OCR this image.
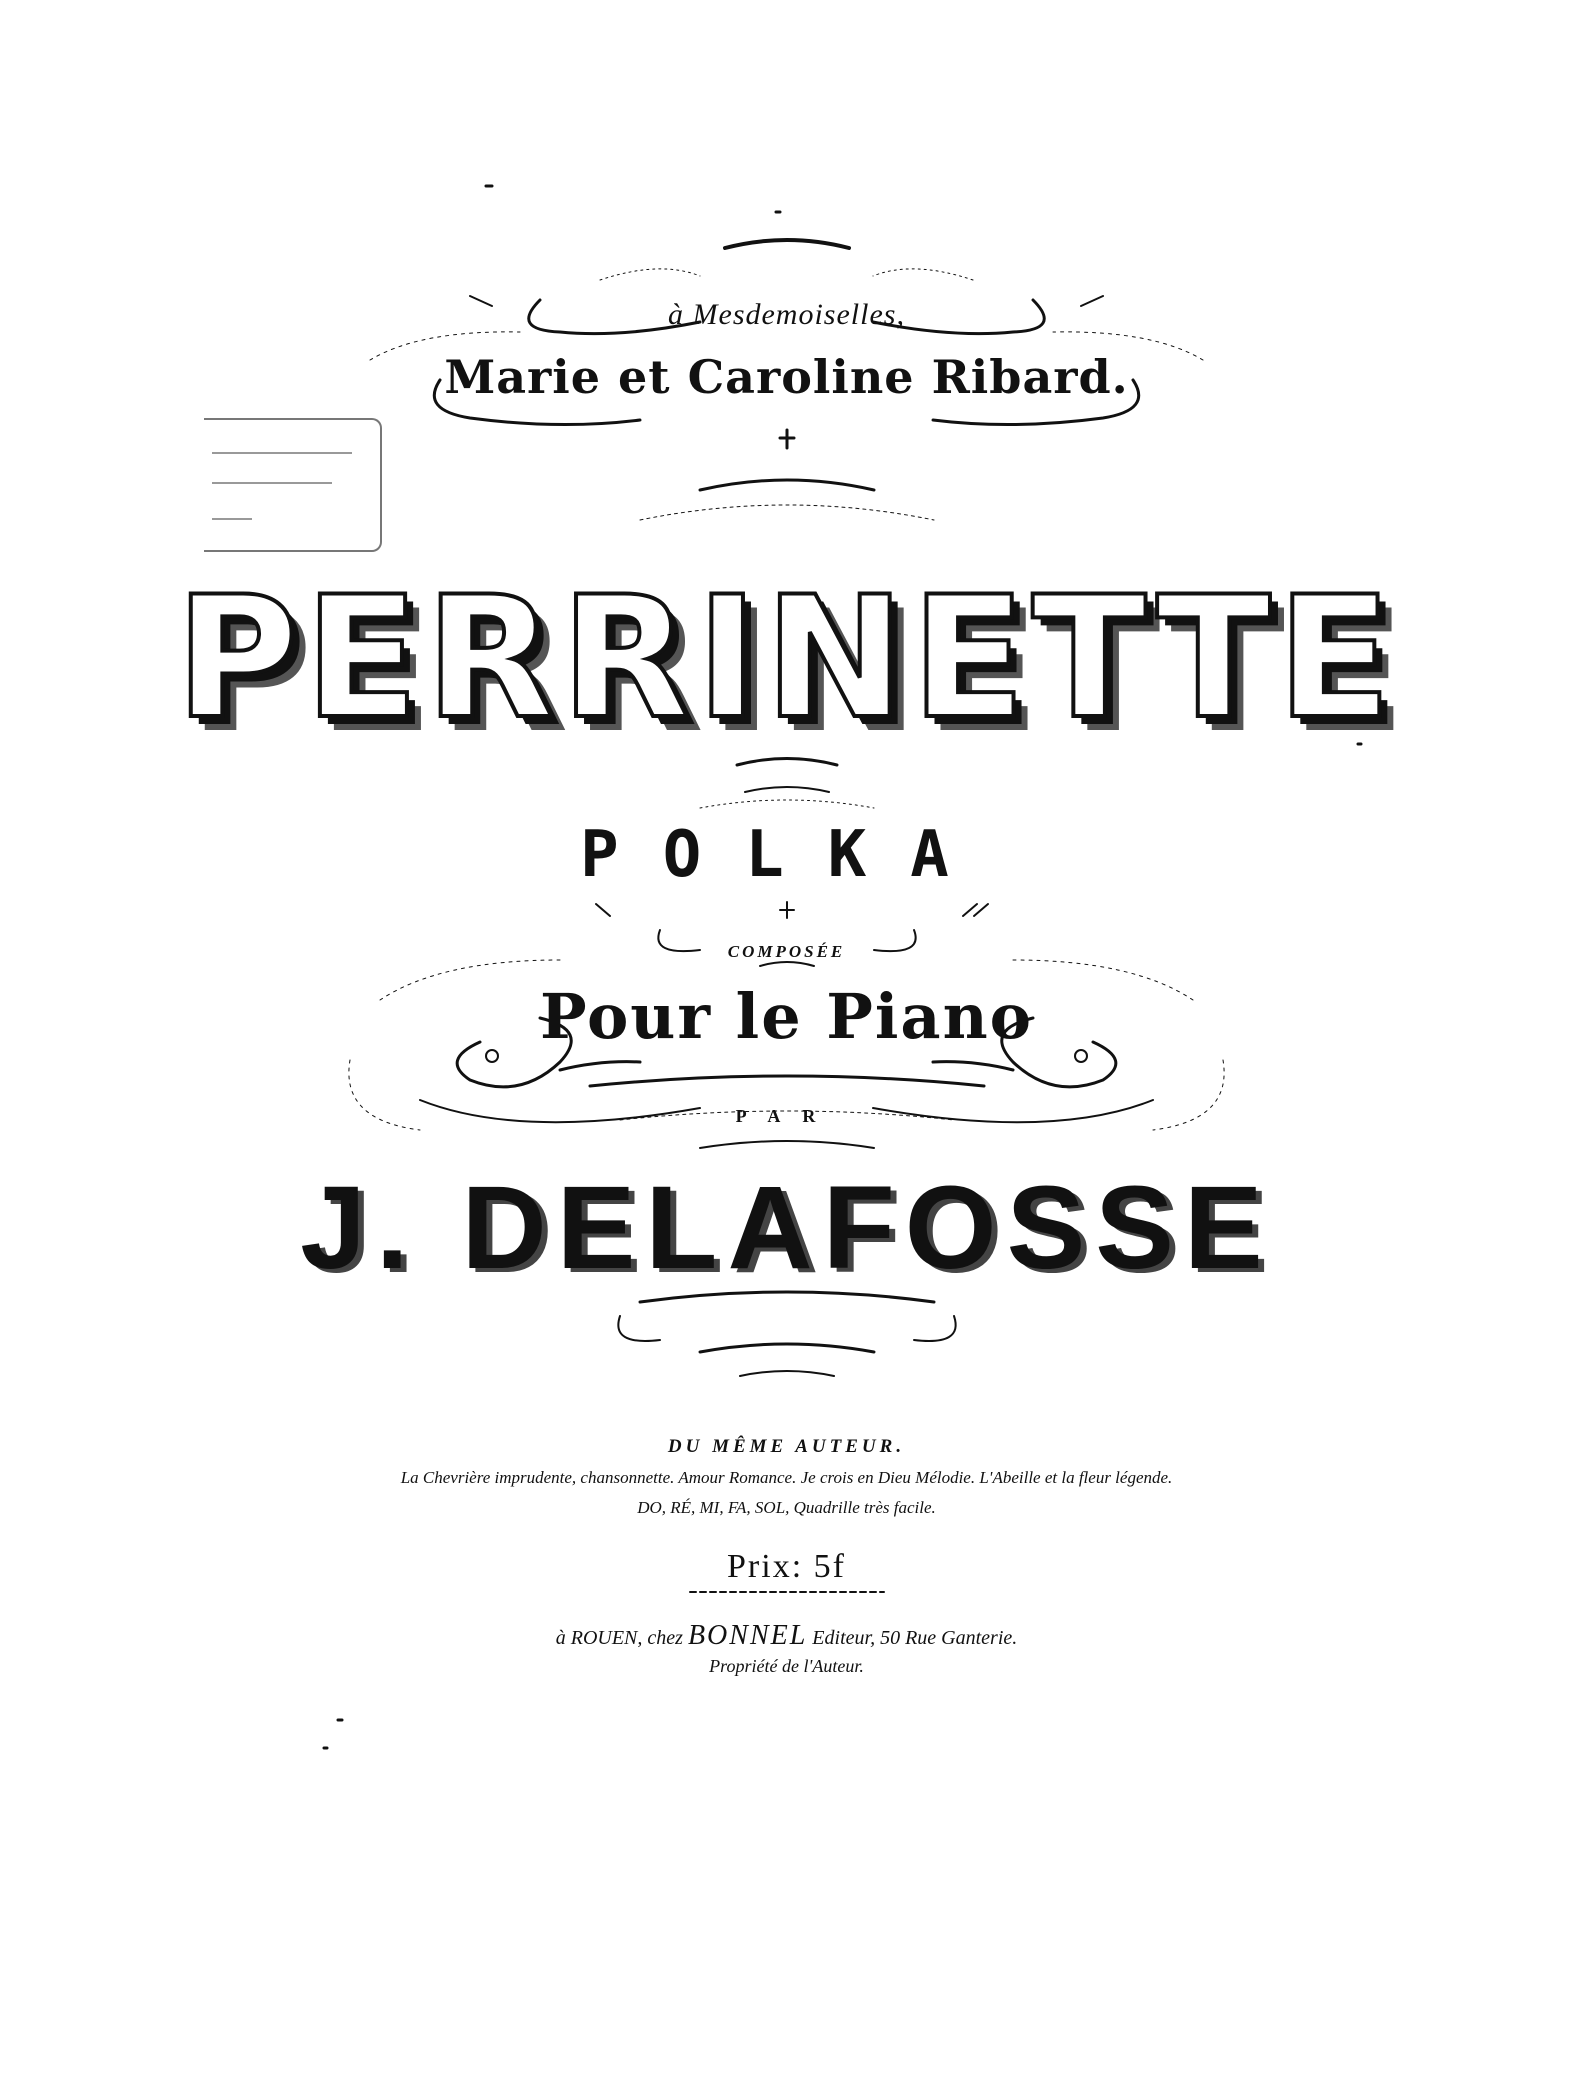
à Mesdemoiselles,
Marie et Caroline Ribard.
PERRINETTE
POLKA
COMPOSÉE
Pour le Piano
PAR
J. DELAFOSSE
DU MÊME AUTEUR.
La Chevrière imprudente, chansonnette. Amour Romance. Je crois en Dieu Mélodie. L'Abeille et la fleur légende.
DO, RÉ, MI, FA, SOL, Quadrille très facile.
Prix: 5f
à ROUEN, chez BONNEL Editeur, 50 Rue Ganterie.
Propriété de l'Auteur.
